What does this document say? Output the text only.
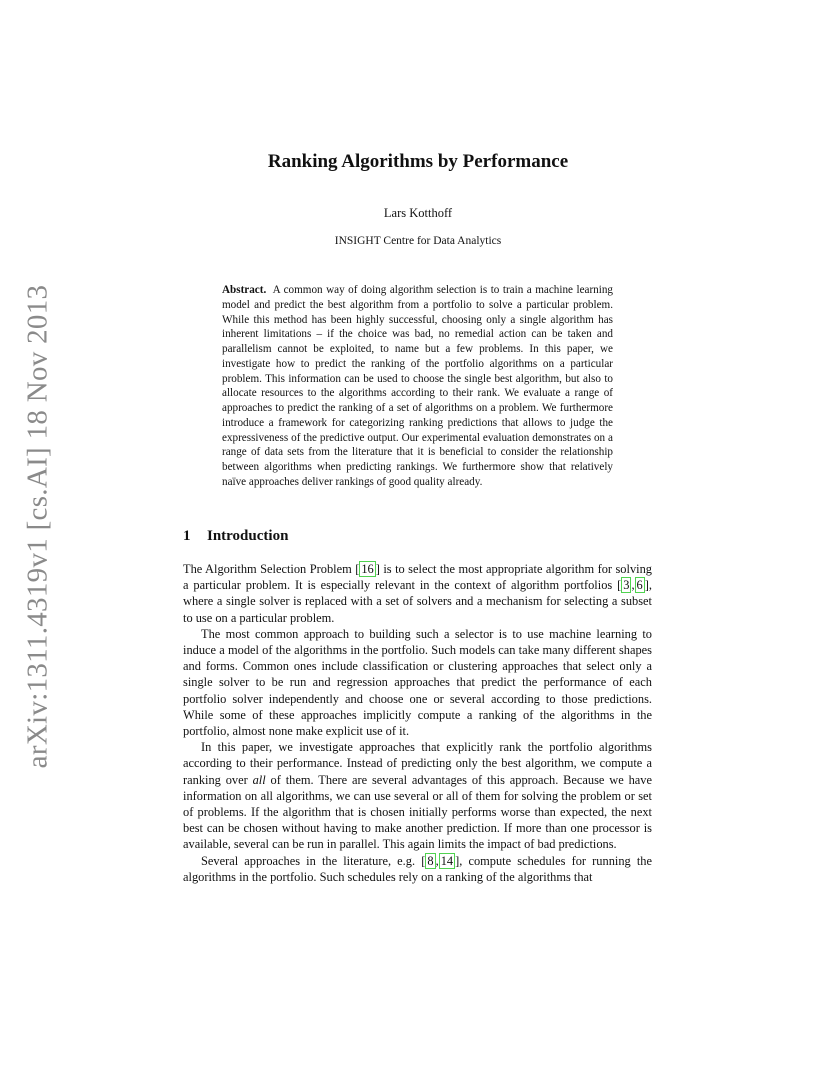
arXiv:1311.4319v1 [cs.AI] 18 Nov 2013
Ranking Algorithms by Performance

Lars Kotthoff

INSIGHT Centre for Data Analytics

Abstract. A common way of doing algorithm selection is to train a machine learning model and predict the best algorithm from a portfolio to solve a particular problem. While this method has been highly successful, choosing only a single algorithm has inherent limitations – if the choice was bad, no remedial action can be taken and parallelism cannot be exploited, to name but a few problems. In this paper, we investigate how to predict the ranking of the portfolio algorithms on a particular problem. This information can be used to choose the single best algorithm, but also to allocate resources to the algorithms according to their rank. We evaluate a range of approaches to predict the ranking of a set of algorithms on a problem. We furthermore introduce a framework for categorizing ranking predictions that allows to judge the expressiveness of the predictive output. Our experimental evaluation demonstrates on a range of data sets from the literature that it is beneficial to consider the relationship between algorithms when predicting rankings. We furthermore show that relatively naïve approaches deliver rankings of good quality already.

1	Introduction

The Algorithm Selection Problem [ 16 ] is to select the most appropriate algorithm for solving a particular problem. It is especially relevant in the context of algorithm portfolios [ 3 , 6 ], where a single solver is replaced with a set of solvers and a mechanism for selecting a subset to use on a particular problem.

The most common approach to building such a selector is to use machine learning to induce a model of the algorithms in the portfolio. Such models can take many different shapes and forms. Common ones include classification or clustering approaches that select only a single solver to be run and regression approaches that predict the performance of each portfolio solver independently and choose one or several according to those predictions. While some of these approaches implicitly compute a ranking of the algorithms in the portfolio, almost none make explicit use of it.

In this paper, we investigate approaches that explicitly rank the portfolio algorithms according to their performance. Instead of predicting only the best algorithm, we compute a ranking over all of them. There are several advantages of this approach. Because we have information on all algorithms, we can use several or all of them for solving the problem or set of problems. If the algorithm that is chosen initially performs worse than expected, the next best can be chosen without having to make another prediction. If more than one processor is available, several can be run in parallel. This again limits the impact of bad predictions.

Several approaches in the literature, e.g. [ 8 , 14 ], compute schedules for running the algorithms in the portfolio. Such schedules rely on a ranking of the algorithms that
